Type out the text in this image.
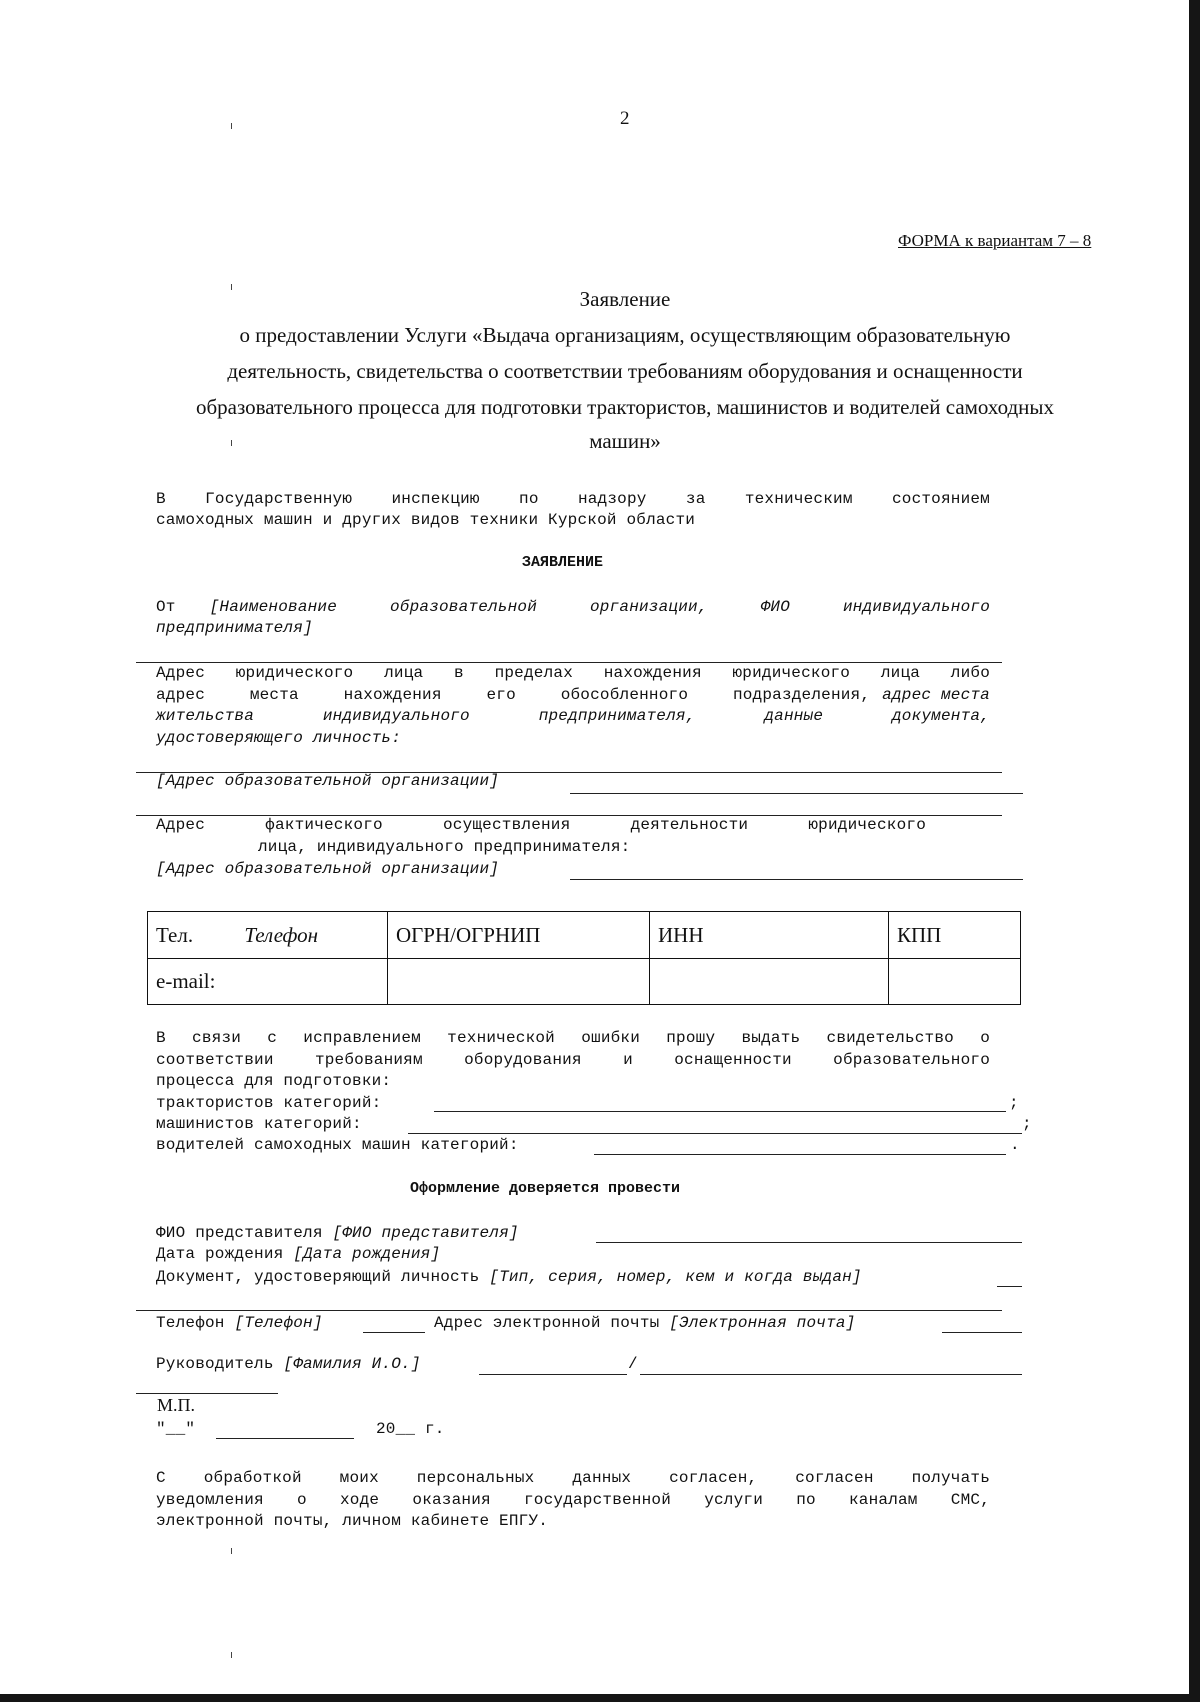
2
ФОРМА к вариантам 7 – 8
Заявление
о предоставлении Услуги «Выдача организациям, осуществляющим образовательную
деятельность, свидетельства о соответствии требованиям оборудования и оснащенности
образовательного процесса для подготовки трактористов, машинистов и водителей самоходных
машин»
В Государственную инспекцию по надзору за техническим состоянием
самоходных машин и других видов техники Курской области
ЗАЯВЛЕНИЕ
От [Наименование образовательной организации, ФИО индивидуального
предпринимателя]
Адрес юридического лица в пределах нахождения юридического лица либо
адрес места нахождения его обособленного подразделения, адрес места
жительства индивидуального предпринимателя, данные документа,
удостоверяющего личность:
[Адрес образовательной организации]
Адрес фактического осуществления деятельности юридического
лица, индивидуального предпринимателя:
[Адрес образовательной организации]
Тел. Телефон	ОГРН/ОГРНИП	ИНН	КПП
e-mail:			
В связи с исправлением технической ошибки прошу выдать свидетельство о
соответствии требованиям оборудования и оснащенности образовательного
процесса для подготовки:
трактористов категорий:	;
машинистов категорий:	;
водителей самоходных машин категорий:	.
Оформление доверяется провести
ФИО представителя [ФИО представителя]
Дата рождения [Дата рождения]
Документ, удостоверяющий личность [Тип, серия, номер, кем и когда выдан]
Телефон [Телефон]	Адрес электронной почты [Электронная почта]
Руководитель [Фамилия И.О.]	/
М.П.
"__"	20__ г.
С обработкой моих персональных данных согласен, согласен получать
уведомления о ходе оказания государственной услуги по каналам СМС,
электронной почты, личном кабинете ЕПГУ.
